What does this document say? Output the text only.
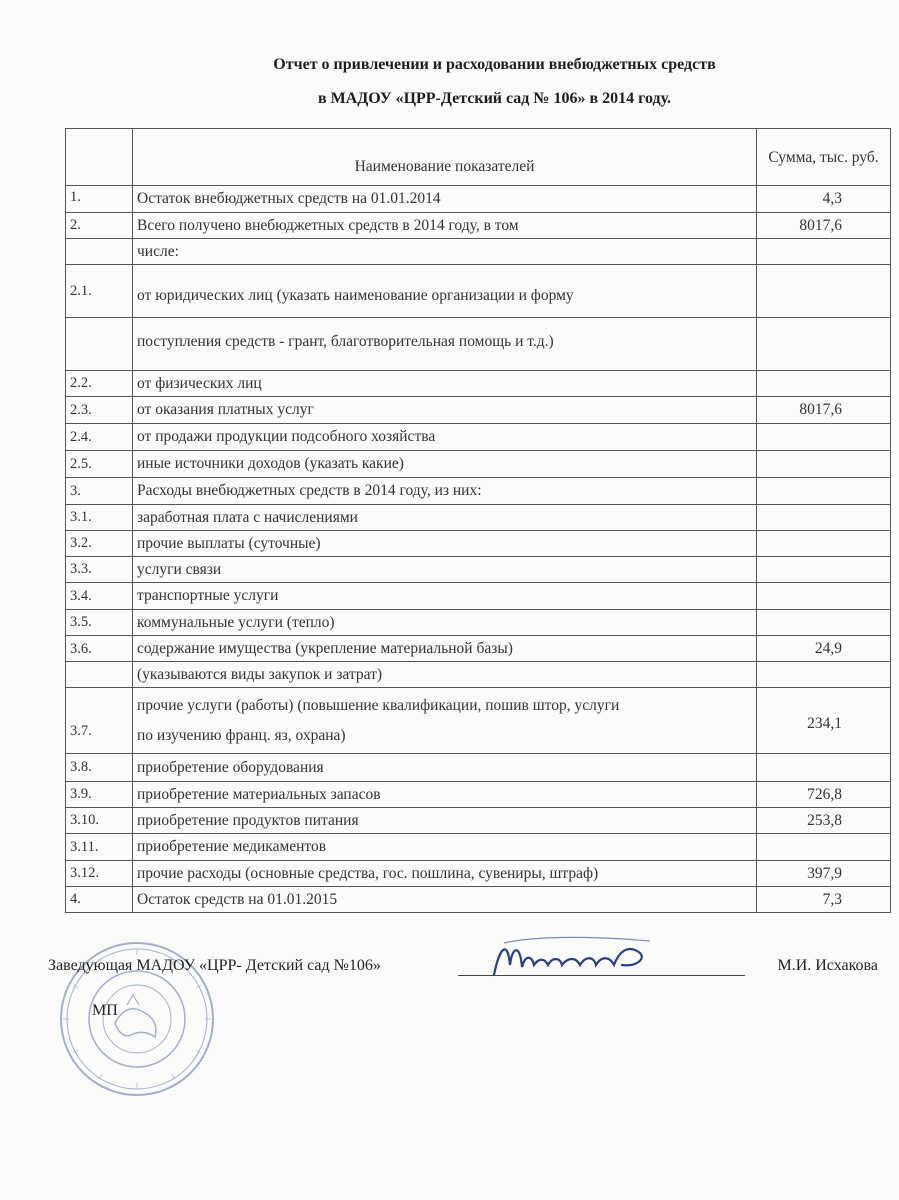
Отчет о привлечении и расходовании внебюджетных средств
в МАДОУ «ЦРР-Детский сад № 106» в 2014 году.
	Наименование показателей	Сумма, тыс. руб.
1.	Остаток внебюджетных средств на 01.01.2014	4,3
2.	Всего получено внебюджетных средств в 2014 году, в том	8017,6
	числе:	
2.1.	от юридических лиц (указать наименование организации и форму	
	поступления средств - грант, благотворительная помощь и т.д.)	
2.2.	от физических лиц	
2.3.	от оказания платных услуг	8017,6
2.4.	от продажи продукции подсобного хозяйства	
2.5.	иные источники доходов (указать какие)	
3.	Расходы внебюджетных средств в 2014 году, из них:	
3.1.	заработная плата с начислениями	
3.2.	прочие выплаты (суточные)	
3.3.	услуги связи	
3.4.	транспортные услуги	
3.5.	коммунальные услуги (тепло)	
3.6.	содержание имущества (укрепление материальной базы)	24,9
	(указываются виды закупок и затрат)	
3.7.	прочие услуги (работы) (повышение квалификации, пошив штор, услуги
по изучению франц. яз, охрана)	234,1
3.8.	приобретение оборудования	
3.9.	приобретение материальных запасов	726,8
3.10.	приобретение продуктов питания	253,8
3.11.	приобретение медикаментов	
3.12.	прочие расходы (основные средства, гос. пошлина, сувениры, штраф)	397,9
4.	Остаток средств на 01.01.2015	7,3
Заведующая МАДОУ «ЦРР- Детский сад №106»	М.И. Исхакова
МП
